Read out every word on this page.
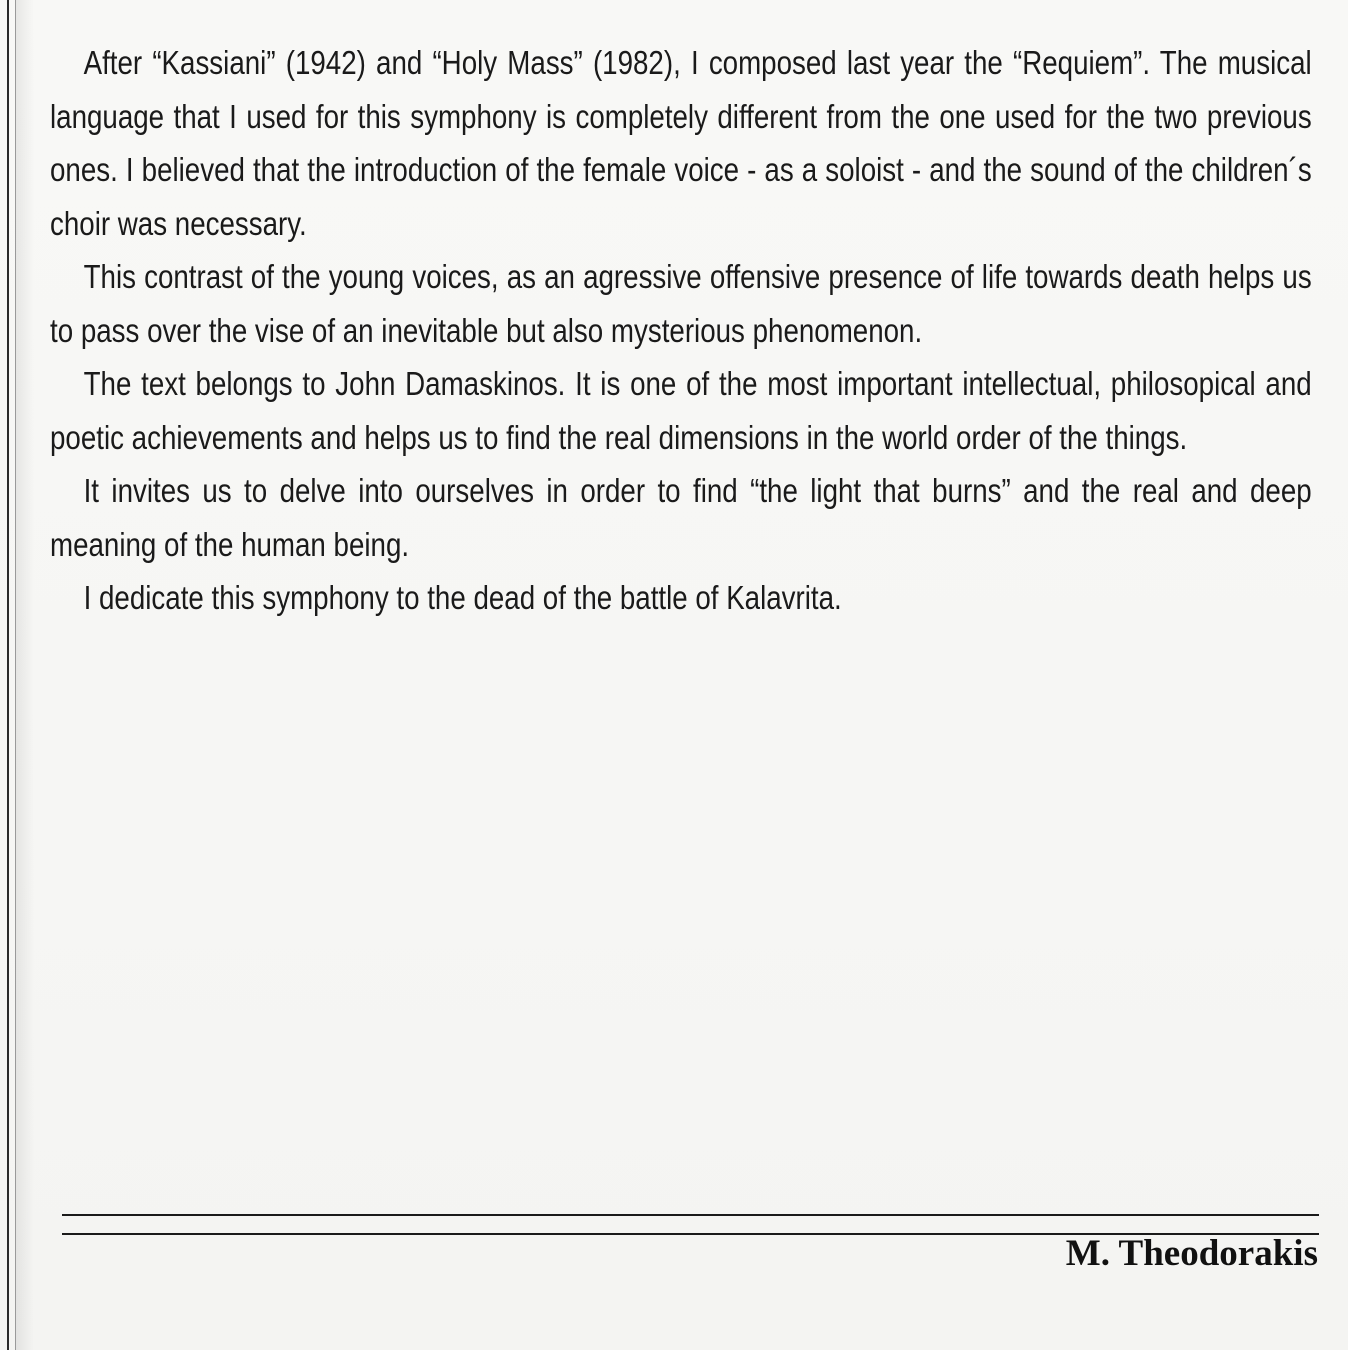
After “Kassiani” (1942) and “Holy Mass” (1982), I composed last year the “Requiem”. The musical language that I used for this symphony is completely different from the one used for the two previous ones. I believed that the introduction of the female voice - as a soloist - and the sound of the children´s choir was necessary.

This contrast of the young voices, as an agressive offensive presence of life towards death helps us to pass over the vise of an inevitable but also mysterious phenomenon.

The text belongs to John Damaskinos. It is one of the most important intellectual, philosopical and poetic achievements and helps us to find the real dimensions in the world order of the things.

It invites us to delve into ourselves in order to find “the light that burns” and the real and deep meaning of the human being.

I dedicate this symphony to the dead of the battle of Kalavrita.

M. Theodorakis
